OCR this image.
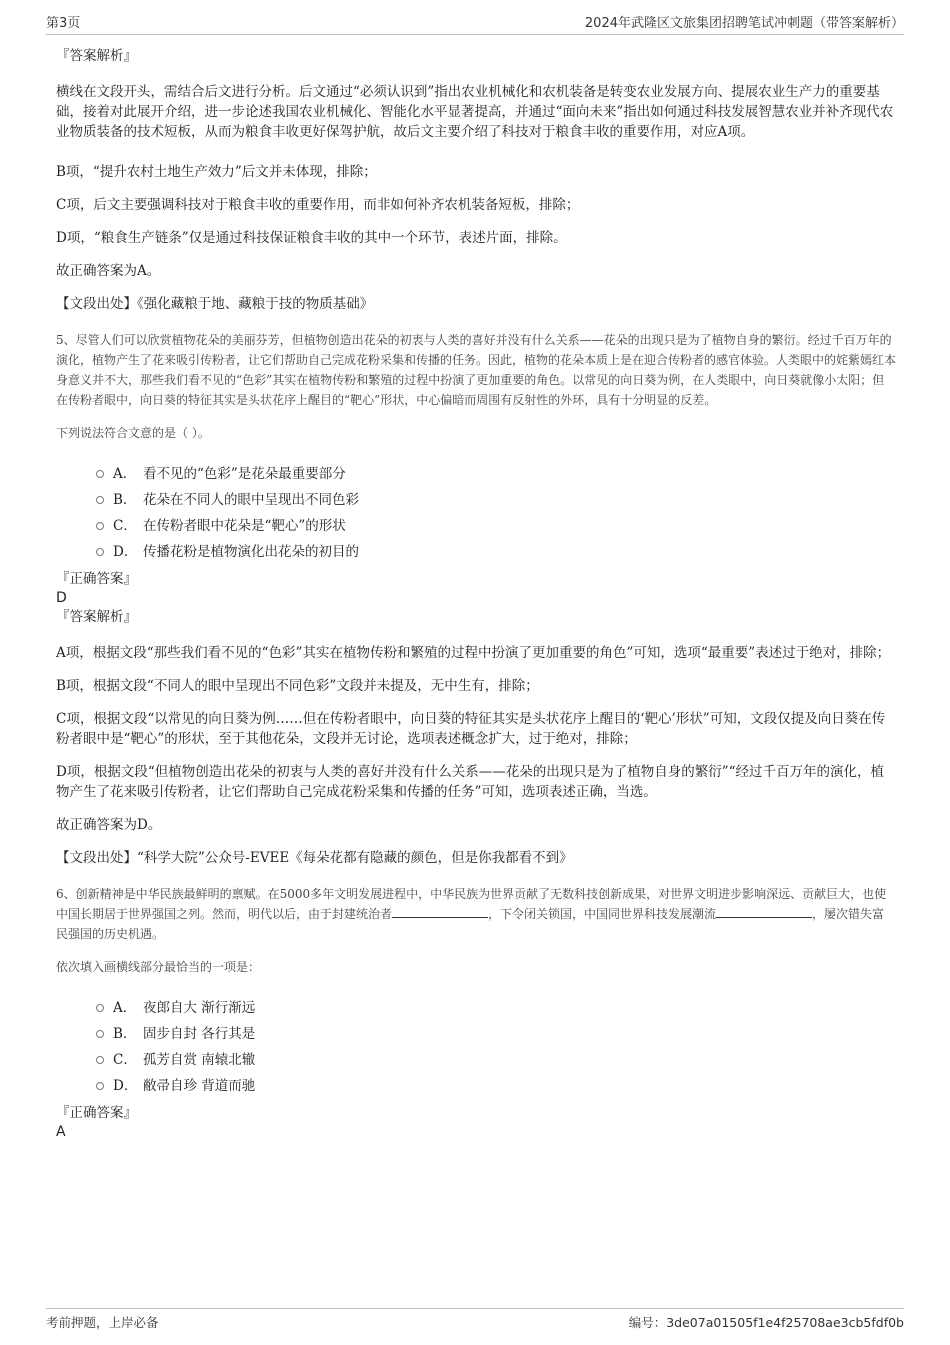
第3页	2024年武隆区文旅集团招聘笔试冲刺题（带答案解析）

『答案解析』

横线在文段开头，需结合后文进行分析。后文通过“必须认识到”指出农业机械化和农机装备是转变农业发展方向、提展农业生产力的重要基础，接着对此展开介绍，进一步论述我国农业机械化、智能化水平显著提高，并通过“面向未来”指出如何通过科技发展智慧农业并补齐现代农业物质装备的技术短板，从而为粮食丰收更好保驾护航，故后文主要介绍了科技对于粮食丰收的重要作用，对应A项。

B项，“提升农村土地生产效力”后文并未体现，排除；

C项，后文主要强调科技对于粮食丰收的重要作用，而非如何补齐农机装备短板，排除；

D项，“粮食生产链条”仅是通过科技保证粮食丰收的其中一个环节，表述片面，排除。

故正确答案为A。

【文段出处】《强化藏粮于地、藏粮于技的物质基础》

5、尽管人们可以欣赏植物花朵的美丽芬芳，但植物创造出花朵的初衷与人类的喜好并没有什么关系——花朵的出现只是为了植物自身的繁衍。经过千百万年的演化，植物产生了花来吸引传粉者，让它们帮助自己完成花粉采集和传播的任务。因此，植物的花朵本质上是在迎合传粉者的感官体验。人类眼中的姹紫嫣红本身意义并不大，那些我们看不见的“色彩”其实在植物传粉和繁殖的过程中扮演了更加重要的角色。以常见的向日葵为例，在人类眼中，向日葵就像小太阳；但在传粉者眼中，向日葵的特征其实是头状花序上醒目的“靶心”形状，中心偏暗而周围有反射性的外环，具有十分明显的反差。

下列说法符合文意的是（ ）。

A． 看不见的“色彩”是花朵最重要部分
B． 花朵在不同人的眼中呈现出不同色彩
C． 在传粉者眼中花朵是“靶心”的形状
D． 传播花粉是植物演化出花朵的初目的

『正确答案』

D

『答案解析』

A项，根据文段“那些我们看不见的“色彩”其实在植物传粉和繁殖的过程中扮演了更加重要的角色”可知，选项“最重要”表述过于绝对，排除；

B项，根据文段“不同人的眼中呈现出不同色彩”文段并未提及，无中生有，排除；

C项，根据文段“以常见的向日葵为例……但在传粉者眼中，向日葵的特征其实是头状花序上醒目的‘靶心’形状”可知，文段仅提及向日葵在传粉者眼中是“靶心”的形状，至于其他花朵，文段并无讨论，选项表述概念扩大，过于绝对，排除；

D项，根据文段“但植物创造出花朵的初衷与人类的喜好并没有什么关系——花朵的出现只是为了植物自身的繁衍”“经过千百万年的演化，植物产生了花来吸引传粉者，让它们帮助自己完成花粉采集和传播的任务”可知，选项表述正确，当选。

故正确答案为D。

【文段出处】“科学大院”公众号-EVEE《每朵花都有隐藏的颜色，但是你我都看不到》

6、创新精神是中华民族最鲜明的禀赋。在5000多年文明发展进程中，中华民族为世界贡献了无数科技创新成果，对世界文明进步影响深远、贡献巨大，也使中国长期居于世界强国之列。然而，明代以后，由于封建统治者	，下令闭关锁国，中国同世界科技发展潮流	，屡次错失富民强国的历史机遇。

依次填入画横线部分最恰当的一项是：

A． 夜郎自大 渐行渐远
B． 固步自封 各行其是
C． 孤芳自赏 南辕北辙
D． 敝帚自珍 背道而驰

『正确答案』

A

考前押题，上岸必备	编号：3de07a01505f1e4f25708ae3cb5fdf0b
